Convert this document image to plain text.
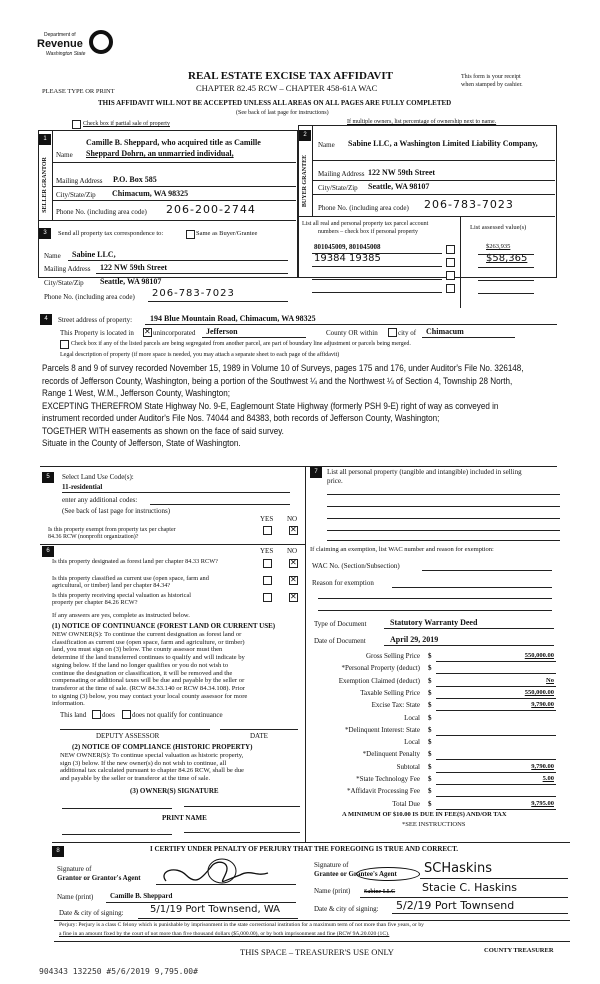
Department of
Revenue
Washington State
REAL ESTATE EXCISE TAX AFFIDAVIT
CHAPTER 82.45 RCW – CHAPTER 458-61A WAC
This form is your receipt
when stamped by cashier.
PLEASE TYPE OR PRINT
THIS AFFIDAVIT WILL NOT BE ACCEPTED UNLESS ALL AREAS ON ALL PAGES ARE FULLY COMPLETED
(See back of last page for instructions)
Check box if partial sale of property	If multiple owners, list percentage of ownership next to name.
1
SELLER GRANTOR
Name
Camille B. Sheppard, who acquired title as Camille
Sheppard Dohrn, an unmarried individual,
Mailing Address P.O. Box 585
City/State/Zip Chimacum, WA 98325
Phone No. (including area code) 206-200-2744
2
BUYER GRANTEE
Name Sabine LLC, a Washington Limited Liability Company,
Mailing Address 122 NW 59th Street
City/State/Zip Seattle, WA 98107
Phone No. (including area code) 206-783-7023
3	Send all property tax correspondence to:	Same as Buyer/Grantee
Name Sabine LLC,
Mailing Address 122 NW 59th Street
City/State/Zip Seattle, WA 98107
Phone No. (including area code) 206-783-7023
List all real and personal property tax parcel account
numbers – check box if personal property
List assessed value(s)
4	Street address of property: 194 Blue Mountain Road, Chimacum, WA 98325
This Property is located in ✕	unincorporated Jefferson	County OR within	city of Chimacum
Check box if any of the listed parcels are being segregated from another parcel, are part of boundary line adjustment or parcels being merged.
Legal description of property (if more space is needed, you may attach a separate sheet to each page of the affidavit)
Parcels 8 and 9 of survey recorded November 15, 1989 in Volume 10 of Surveys, pages 175 and 176, under Auditor's File No. 326148,
records of Jefferson County, Washington, being a portion of the Southwest ¼ and the Northwest ¼ of Section 4, Township 28 North,
Range 1 West, W.M., Jefferson County, Washington;
EXCEPTING THEREFROM State Highway No. 9-E, Eaglemount State Highway (formerly PSH 9-E) right of way as conveyed in
instrument recorded under Auditor's File Nos. 74044 and 84383, both records of Jefferson County, Washington;
TOGETHER WITH easements as shown on the face of said survey.
Situate in the County of Jefferson, State of Washington.
5	Select Land Use Code(s):
11-residential
enter any additional codes:
(See back of last page for instructions)
YES NO
Is this property exempt from property tax per chapter
84.36 RCW (nonprofit organization)?
✕
6	YES NO
If any answers are yes, complete as instructed below.
(1) NOTICE OF CONTINUANCE (FOREST LAND OR CURRENT USE)
This land does does not qualify for continuance
DEPUTY ASSESSOR	DATE
(2) NOTICE OF COMPLIANCE (HISTORIC PROPERTY)
(3) OWNER(S) SIGNATURE
PRINT NAME
7	List all personal property (tangible and intangible) included in selling
price.
If claiming an exemption, list WAC number and reason for exemption:
WAC No. (Section/Subsection)
Reason for exemption
Type of Document	Statutory Warranty Deed
Date of Document	April 29, 2019
A MINIMUM OF $10.00 IS DUE IN FEE(S) AND/OR TAX
*SEE INSTRUCTIONS
8	I CERTIFY UNDER PENALTY OF PERJURY THAT THE FOREGOING IS TRUE AND CORRECT.
Signature of
Grantor or Grantor's Agent
Name (print) Camille B. Sheppard
Date & city of signing:	5/1/19 Port Townsend, WA
Signature of
Grantee or Grantee's Agent SCHaskins
Name (print) Sabine LLC Stacie C. Haskins
Date & city of signing: 5/2/19 Port Townsend
Perjury: Perjury is a class C felony which is punishable by imprisonment in the state correctional institution for a maximum term of not more than five years, or by
a fine in an amount fixed by the court of not more than five thousand dollars ($5,000.00), or by both imprisonment and fine (RCW 9A.20.020 (1C).
THIS SPACE – TREASURER'S USE ONLY	COUNTY TREASURER
904343 132250 #5/6/2019 9,795.00#
801045009, 801045008	$263,935
19384 19385	$58,365
Is this property designated as forest land per chapter 84.33 RCW?
✕
Is this property classified as current use (open space, farm and
agricultural, or timber) land per chapter 84.34?
✕
Is this property receiving special valuation as historical
property per chapter 84.26 RCW?
✕
NEW OWNER(S): To continue the current designation as forest land or
classification as current use (open space, farm and agriculture, or timber)
land, you must sign on (3) below. The county assessor must then
determine if the land transferred continues to qualify and will indicate by
signing below. If the land no longer qualifies or you do not wish to
continue the designation or classification, it will be removed and the
compensating or additional taxes will be due and payable by the seller or
transferor at the time of sale. (RCW 84.33.140 or RCW 84.34.108). Prior
to signing (3) below, you may contact your local county assessor for more
information.
NEW OWNER(S): To continue special valuation as historic property,
sign (3) below. If the new owner(s) do not wish to continue, all
additional tax calculated pursuant to chapter 84.26 RCW, shall be due
and payable by the seller or transferor at the time of sale.
Gross Selling Price $	550,000.00
*Personal Property (deduct) $
Exemption Claimed (deduct) $	No
Taxable Selling Price $	550,000.00
Excise Tax: State $	9,790.00
Local $
*Delinquent Interest: State $
Local $
*Delinquent Penalty $
Subtotal $	9,790.00
*State Technology Fee $	5.00
*Affidavit Processing Fee $
Total Due $	9,795.00
